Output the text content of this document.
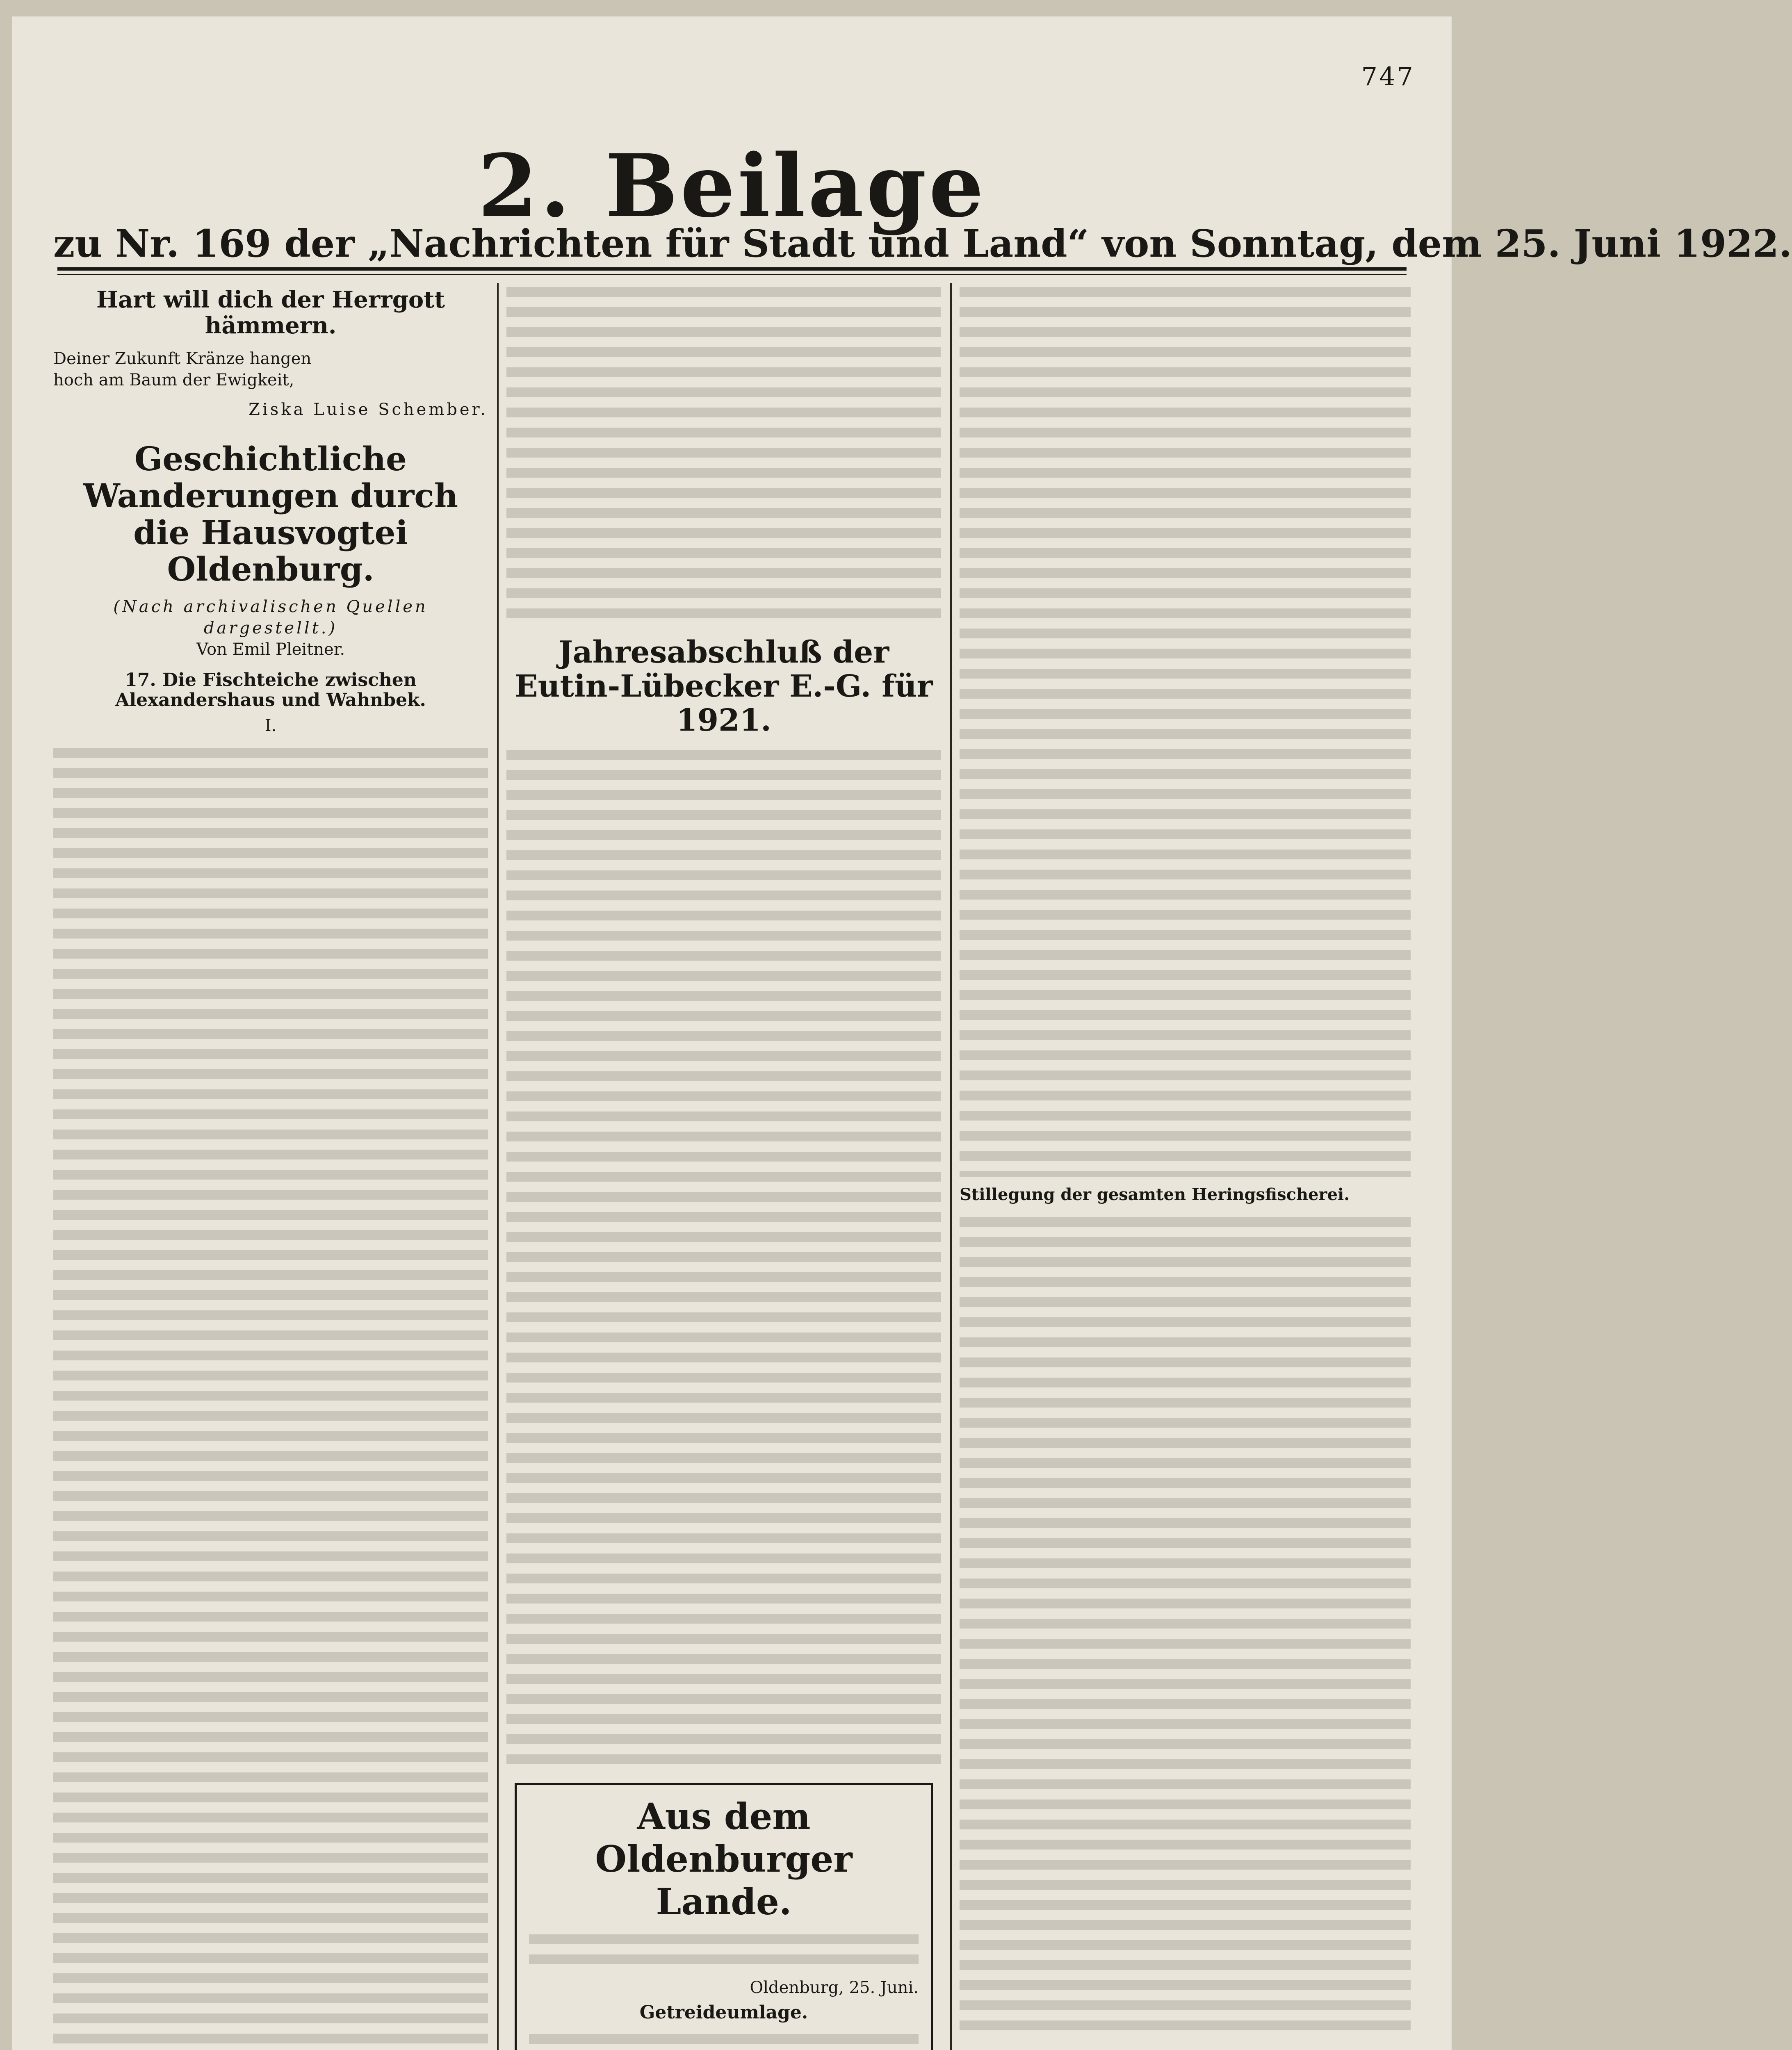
747
2. Beilage
zu Nr. 169 der „Nachrichten für Stadt und Land“ von Sonntag, dem 25. Juni 1922.
Hart will dich der Herrgott hämmern.
Deiner Zukunft Kränze hangen
hoch am Baum der Ewigkeit,
Ziska Luise Schember.
Geschichtliche Wanderungen durch die Hausvogtei Oldenburg.
(Nach archivalischen Quellen dargestellt.)
Von Emil Pleitner.
17. Die Fischteiche zwischen Alexandershaus und Wahnbek.
I.
Jahresabschluß der Eutin-Lübecker E.-G. für 1921.
Aus dem Oldenburger Lande.
Oldenburg, 25. Juni.
Getreideumlage.
Stillegung der gesamten Heringsfischerei.
